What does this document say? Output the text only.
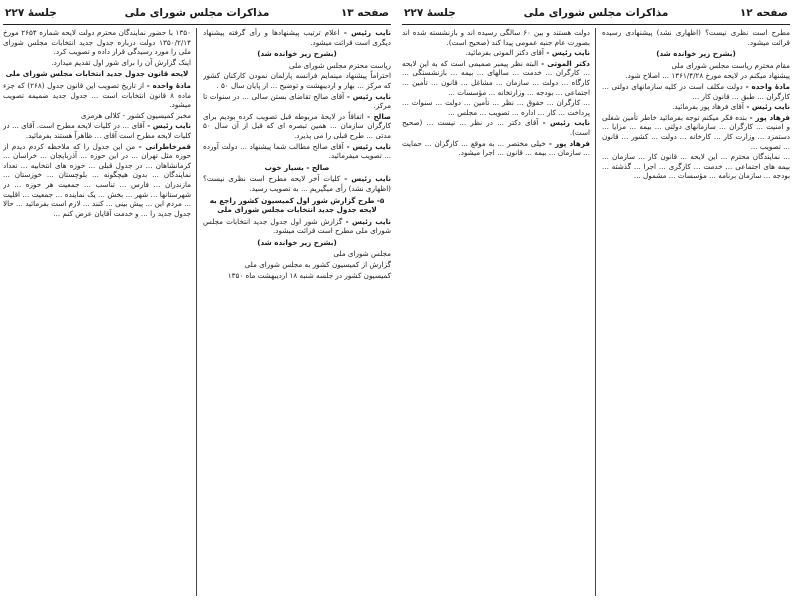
صفحه ۱۳
مذاکرات مجلس شورای ملی
جلسهٔ ۲۲۷
نایب رئیس - اعلام ترتیب پیشنهادها و رأی گرفته پیشنهاد دیگری است قرائت میشود.
(بشرح زیر خوانده شد)
ریاست محترم مجلس شورای ملی
احتراماً پیشنهاد مینمایم فرانسه پارلمان نمودن کارکنان کشور که مرکز ... بهار و اردیبهشت و توضیح ... از پایان سال ۵۰ .
نایب رئیس - آقای صالح تقاضای بستن سالی ... در سنوات تا مرکز.
صالح - اتفاقاً در لایحهٔ مربوطه قبل تصویب کرده بودیم برای کارگران سازمان ... همین تبصره ای که قبل از آن سال ۵۰ مدتی ... طرح قبلی را می پذیرد.
نایب رئیس - آقای صالح مطالب شما پیشنهاد ... دولت آورده ... تصویب میفرمائید.
صالح - بسیار خوب
نایب رئیس - کلیات آخر لایحه مطرح است نظری نیست؟ (اظهاری نشد) رأی میگیریم ... به تصویب رسید.
۵- طرح گزارش شور اول کمیسیون کشور راجع به لایحه جدول جدید انتخابات مجلس شورای ملی
نایب رئیس - گزارش شور اول جدول جدید انتخابات مجلس شورای ملی مطرح است قرائت میشود.
(بشرح زیر خوانده شد)
مجلس شورای ملی
گزارش از کمیسیون کشور به مجلس شورای ملی
کمیسیون کشور در جلسه شنبه ۱۸ اردیبهشت ماه ۱۳۵۰
۱۳۵۰ با حضور نمایندگان محترم دولت لایحه شماره ۲۶۵۴ مورخ ۱۳۵۰/۲/۱۴ دولت درباره جدول جدید انتخابات مجلس شورای ملی را مورد رسیدگی قرار داده و تصویب کرد.
اینک گزارش آن را برای شور اول تقدیم میدارد.
لایحه قانون جدول جدید انتخابات مجلس شورای ملی
مادهٔ واحده - از تاریخ تصویب این قانون جدول (۲۶۸) که جزء ماده ۸ قانون انتخابات است ... جدول جدید ضمیمه تصویب میشود.
مخبر کمیسیون کشور - کلالی هرمزی
نایب رئیس - آقای ... در کلیات لایحه مطرح است. آقای ... در کلیات لایحه مطرح است آقای ... ظاهراً هستند بفرمائید.
قمرخاطرانی - من این جدول را که ملاحظه کردم دیدم از حوزه مثل تهران ... در این حوزه ... آذربایجان ... خراسان ... کرمانشاهان ... در جدول قبلی ... حوزه های انتخابیه ... تعداد نمایندگان ... بدون هیچگونه ... بلوچستان ... خوزستان ... مازندران ... فارس ... تناسب ... جمعیت هر حوزه ... در شهرستانها ... شهر ... بخش ... یک نماینده ... جمعیت ... اقلیت ... مردم این ... پیش بینی ... کنند ... لازم است بفرمائید ... حالا جدول جدید را ... و خدمت آقایان عرض کنم ...
صفحه ۱۲
مذاکرات مجلس شورای ملی
جلسهٔ ۲۲۷
مطرح است نظری نیست؟ (اظهاری نشد) پیشنهادی رسیده قرائت میشود.
(بشرح زیر خوانده شد)
مقام محترم ریاست مجلس شورای ملی
پیشنهاد میکنم در لایحه مورخ ۱۳۶۱/۴/۲۸ ... اصلاح شود.
مادهٔ واحده - دولت مکلف است در کلیه سازمانهای دولتی ... کارگران ... طبق ... قانون کار ...
نایب رئیس - آقای فرهاد پور بفرمائید.
فرهاد پور - بنده فکر میکنم توجه بفرمائید خاطر تأمین شغلی و امنیت ... کارگران ... سازمانهای دولتی ... بیمه ... مزایا ... دستمزد ... وزارت کار ... کارخانه ... دولت ... کشور ... قانون ... تصویب ...
... نمایندگان محترم ... این لایحه ... قانون کار ... سازمان ... بیمه های اجتماعی ... خدمت ... کارگری ... اجرا ... گذشته ... بودجه ... سازمان برنامه ... مؤسسات ... مشمول ...
دولت هستند و بین ۶۰ سالگی رسیده اند و بازنشسته شده اند بصورت عام جنبه عمومی پیدا کند (صحیح است).
نایب رئیس - آقای دکتر الموتی بفرمائید.
دکتر الموتی - البته نظر پیمبر صمیمی است که به این لایحه ... کارگران ... خدمت ... سالهای ... بیمه ... بازنشستگی ... کارگاه ... دولت ... سازمان ... مشاغل ... قانون ... تأمین ... اجتماعی ... بودجه ... وزارتخانه ... مؤسسات ...
... کارگران ... حقوق ... نظر ... تأمین ... دولت ... سنوات ... پرداخت ... کار ... اداره ... تصویب ... مجلس ...
نایب رئیس - آقای دکتر ... در نظر ... نیست ... (صحیح است).
فرهاد پور - خیلی مختصر ... به موقع ... کارگران ... حمایت ... سازمان ... بیمه ... قانون ... اجرا میشود.
